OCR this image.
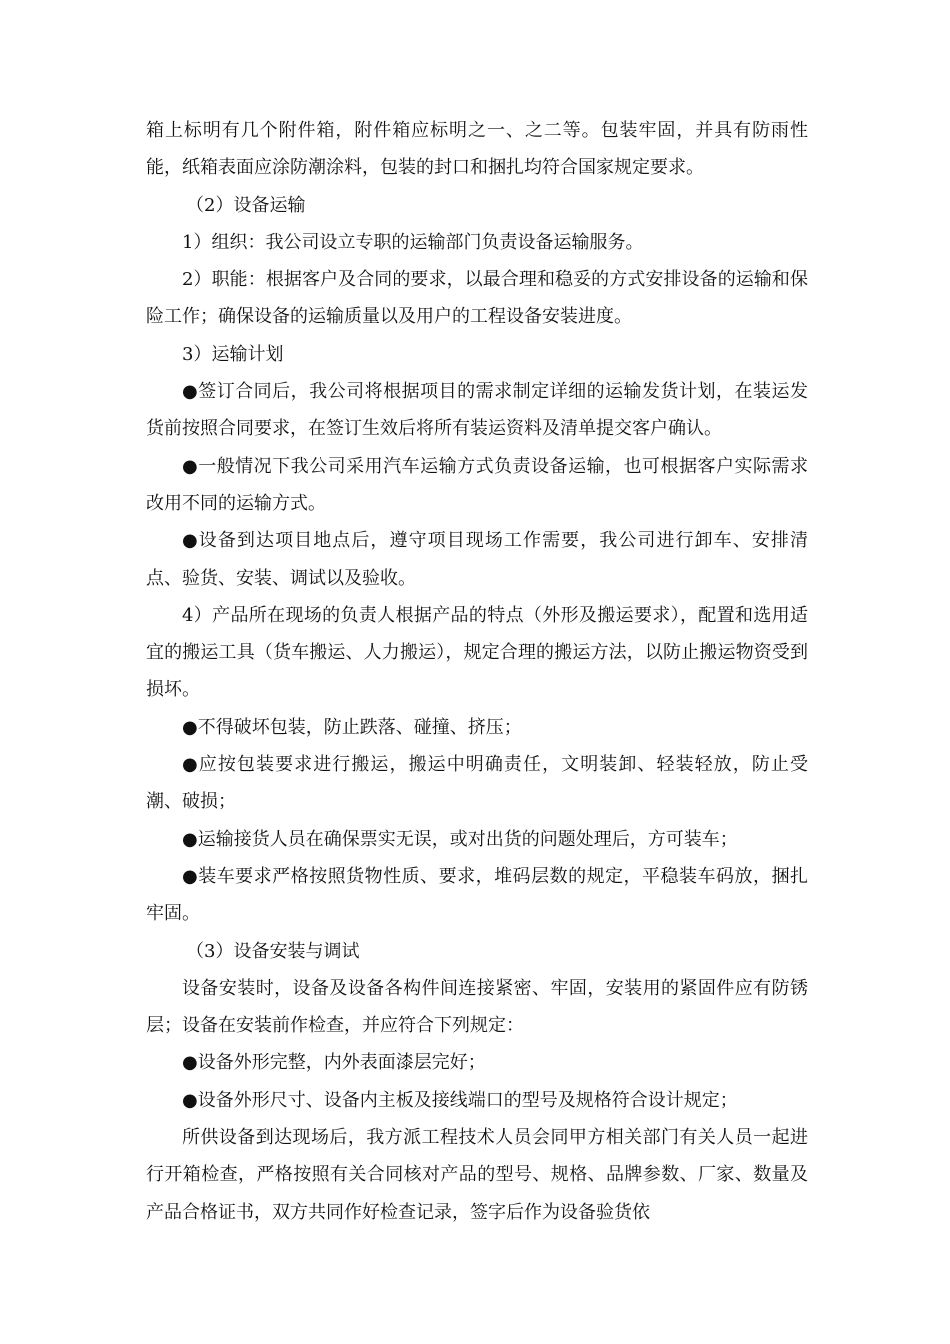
箱上标明有几个附件箱，附件箱应标明之一、之二等。包装牢固，并具有防雨性能，纸箱表面应涂防潮涂料，包装的封口和捆扎均符合国家规定要求。

（2）设备运输

1）组织：我公司设立专职的运输部门负责设备运输服务。

2）职能：根据客户及合同的要求，以最合理和稳妥的方式安排设备的运输和保险工作；确保设备的运输质量以及用户的工程设备安装进度。

3）运输计划

●签订合同后，我公司将根据项目的需求制定详细的运输发货计划，在装运发货前按照合同要求，在签订生效后将所有装运资料及清单提交客户确认。

●一般情况下我公司采用汽车运输方式负责设备运输，也可根据客户实际需求改用不同的运输方式。

●设备到达项目地点后，遵守项目现场工作需要，我公司进行卸车、安排清点、验货、安装、调试以及验收。

4）产品所在现场的负责人根据产品的特点（外形及搬运要求），配置和选用适宜的搬运工具（货车搬运、人力搬运），规定合理的搬运方法，以防止搬运物资受到损坏。

●不得破坏包装，防止跌落、碰撞、挤压；

●应按包装要求进行搬运，搬运中明确责任，文明装卸、轻装轻放，防止受潮、破损；

●运输接货人员在确保票实无误，或对出货的问题处理后，方可装车；

●装车要求严格按照货物性质、要求，堆码层数的规定，平稳装车码放，捆扎牢固。

（3）设备安装与调试

设备安装时，设备及设备各构件间连接紧密、牢固，安装用的紧固件应有防锈层；设备在安装前作检查，并应符合下列规定：

●设备外形完整，内外表面漆层完好；

●设备外形尺寸、设备内主板及接线端口的型号及规格符合设计规定；

所供设备到达现场后，我方派工程技术人员会同甲方相关部门有关人员一起进行开箱检查，严格按照有关合同核对产品的型号、规格、品牌参数、厂家、数量及产品合格证书，双方共同作好检查记录，签字后作为设备验货依
